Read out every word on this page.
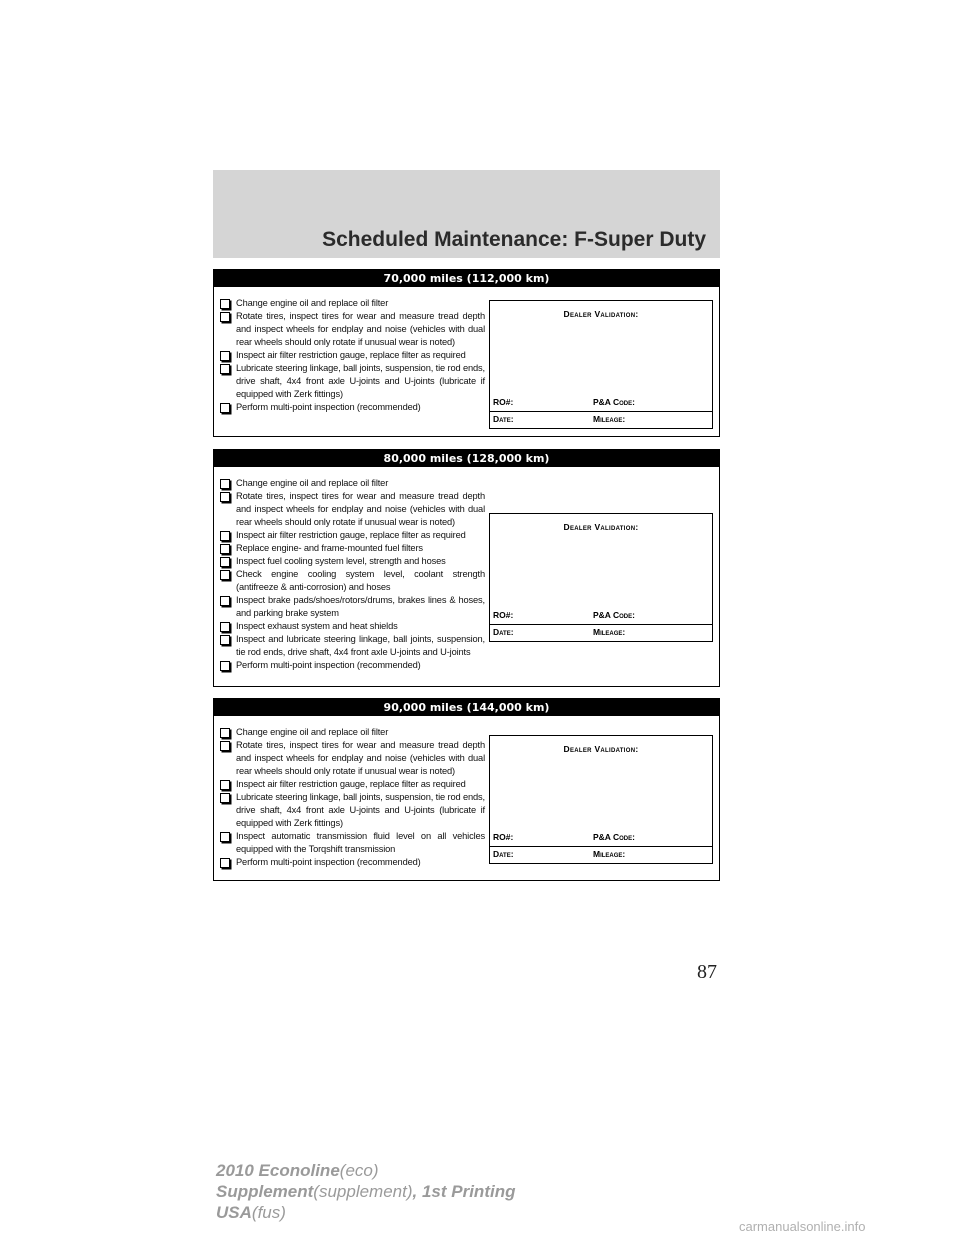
Scheduled Maintenance: F-Super Duty
70,000 miles (112,000 km)
Change engine oil and replace oil filter
Rotate tires, inspect tires for wear and measure tread depth and inspect wheels for endplay and noise (vehicles with dual rear wheels should only rotate if unusual wear is noted)
Inspect air filter restriction gauge, replace filter as required
Lubricate steering linkage, ball joints, suspension, tie rod ends, drive shaft, 4x4 front axle U-joints and U-joints (lubricate if equipped with Zerk fittings)
Perform multi-point inspection (recommended)
Dealer Validation:
RO#:	P&A Code:
Date:	Mileage:
80,000 miles (128,000 km)
Change engine oil and replace oil filter
Rotate tires, inspect tires for wear and measure tread depth and inspect wheels for endplay and noise (vehicles with dual rear wheels should only rotate if unusual wear is noted)
Inspect air filter restriction gauge, replace filter as required
Replace engine- and frame-mounted fuel filters
Inspect fuel cooling system level, strength and hoses
Check engine cooling system level, coolant strength (antifreeze & anti-corrosion) and hoses
Inspect brake pads/shoes/rotors/drums, brakes lines & hoses, and parking brake system
Inspect exhaust system and heat shields
Inspect and lubricate steering linkage, ball joints, suspension, tie rod ends, drive shaft, 4x4 front axle U-joints and U-joints
Perform multi-point inspection (recommended)
Dealer Validation:
RO#:	P&A Code:
Date:	Mileage:
90,000 miles (144,000 km)
Change engine oil and replace oil filter
Rotate tires, inspect tires for wear and measure tread depth and inspect wheels for endplay and noise (vehicles with dual rear wheels should only rotate if unusual wear is noted)
Inspect air filter restriction gauge, replace filter as required
Lubricate steering linkage, ball joints, suspension, tie rod ends, drive shaft, 4x4 front axle U-joints and U-joints (lubricate if equipped with Zerk fittings)
Inspect automatic transmission fluid level on all vehicles equipped with the Torqshift transmission
Perform multi-point inspection (recommended)
Dealer Validation:
RO#:	P&A Code:
Date:	Mileage:
87
2010 Econoline(eco)
Supplement(supplement), 1st Printing
USA(fus)
carmanualsonline.info
